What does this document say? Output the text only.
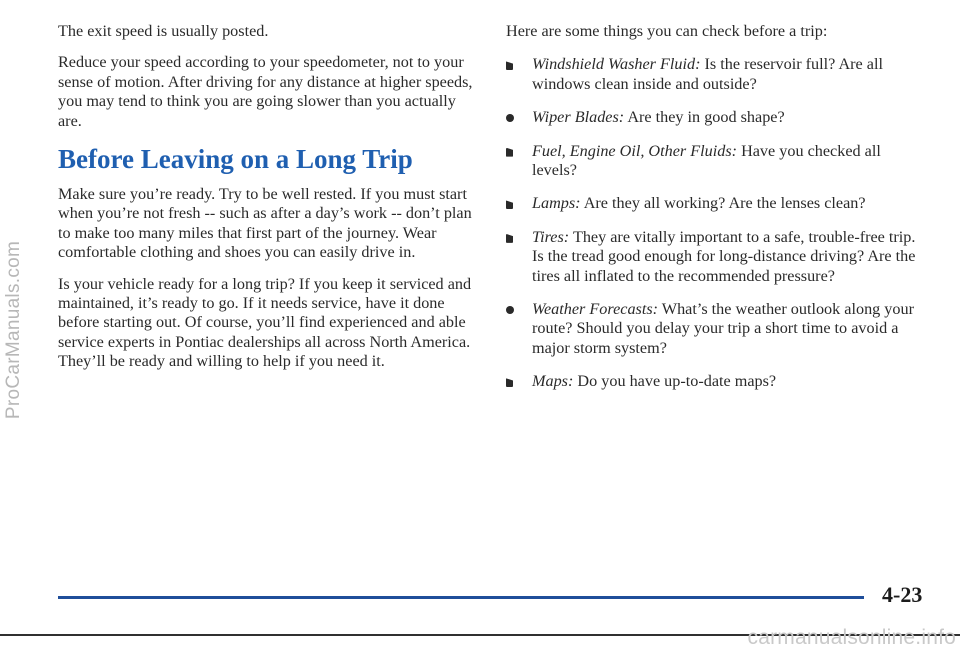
ProCarManuals.com

The exit speed is usually posted.

Reduce your speed according to your speedometer, not to your sense of motion. After driving for any distance at higher speeds, you may tend to think you are going slower than you actually are.

Before Leaving on a Long Trip

Make sure you’re ready. Try to be well rested. If you must start when you’re not fresh -- such as after a day’s work -- don’t plan to make too many miles that first part of the journey. Wear comfortable clothing and shoes you can easily drive in.

Is your vehicle ready for a long trip? If you keep it serviced and maintained, it’s ready to go. If it needs service, have it done before starting out. Of course, you’ll find experienced and able service experts in Pontiac dealerships all across North America. They’ll be ready and willing to help if you need it.

Here are some things you can check before a trip:

Windshield Washer Fluid: Is the reservoir full? Are all windows clean inside and outside?
Wiper Blades: Are they in good shape?
Fuel, Engine Oil, Other Fluids: Have you checked all levels?
Lamps: Are they all working? Are the lenses clean?
Tires: They are vitally important to a safe, trouble-free trip. Is the tread good enough for long-distance driving? Are the tires all inflated to the recommended pressure?
Weather Forecasts: What’s the weather outlook along your route? Should you delay your trip a short time to avoid a major storm system?
Maps: Do you have up-to-date maps?
4-23
carmanualsonline.info
